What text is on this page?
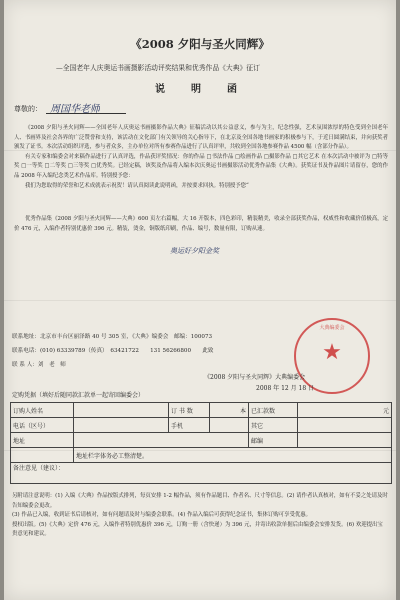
《2008 夕阳与圣火同辉》
—全国老年人庆奥运书画摄影活动评奖结果和优秀作品《大典》征订
说　明　函
尊敬的： 周国华老师

《2008 夕阳与圣火同辉——全国老年人庆奥运书画摄影作品大典》征稿活动以其公益意义，参与为主，纪念性强，艺术氛围浓厚的特色受到全国老年人、书画界及社会各界的广泛赞誉和支持，该活动在文化部门有关领导的关心指导下，在北京及全国各地书画家的积极参与下，于近日圆满结束，并向获奖者颁发了证书。本次活动组织评选，参与者众多，主办单位对所有参赛作品进行了认真评审，共收到全国各地参赛作品 4500 幅（含部分作品）。

有关专家和编委会对来稿作品进行了认真评选，作品获评奖情况：你的作品 □书法作品 □绘画作品 □摄影作品 □其它艺术 在本次活动中被评为 □特等奖 □一等奖 □二等奖 □三等奖 □优秀奖。已经定稿，该奖及作品将入编本次庆奥运书画摄影活动优秀作品集《大典》。获奖证书及作品图片请留存，您的作品 2008 年入编纪念类艺术作品库。特别授予您：

我们为您取得的荣誉和艺术成就表示祝贺！请认真阅读此说明函，并按要求回执。特别授予您“

优秀作品集《2008 夕阳与圣火同辉——大典》600 页左右篇幅，大 16 开版本，四色彩印，精装精美，收录全部获奖作品，权威性和收藏价值极高，定价 476 元，入编作者特别优惠价 396 元。精装，烫金，铜版纸印刷，作品、编号，数量有限，订购从速。

奥运好夕阳金奖
联系地址：北京市丰台区丽泽路 40 号 305 室，《大典》编委会　邮编：100073
联系电话：(010) 63339789（传真）　63421722　　131 56266800　　此致
联 系 人：刘　老　师
大典编委会
★
《2008 夕阳与圣火同辉》大典编委会
2008 年 12 月 18 日
定购凭据（填好后随同款汇款单一起寄回编委会）
订购人姓名		订 书 数	本	已汇款数	元
电话（区号）		手机		其它	
地址				邮编	
	地址栏字体务必工整清楚。				
备注意见（建议）：					

另附请注意说明：(1) 入编《大典》作品按版式排列，每页安排 1-2 幅作品，须有作品题目、作者名、尺寸等信息。(2) 请作者认真核对，如有不妥之处请及时告知编委会更改。

(3) 作品已入编，收到证书后请核对，如有问题请及时与编委会联系。(4) 作品入编后可获得纪念证书，集体订购可享受优惠。

授权出版。(5)《大典》定价 476 元，入编作者特别优惠价 396 元，订购一册（含快递）为 396 元，并寄出收款单据后由编委会安排发货。(6) 欢迎提出宝贵意见和建议。
